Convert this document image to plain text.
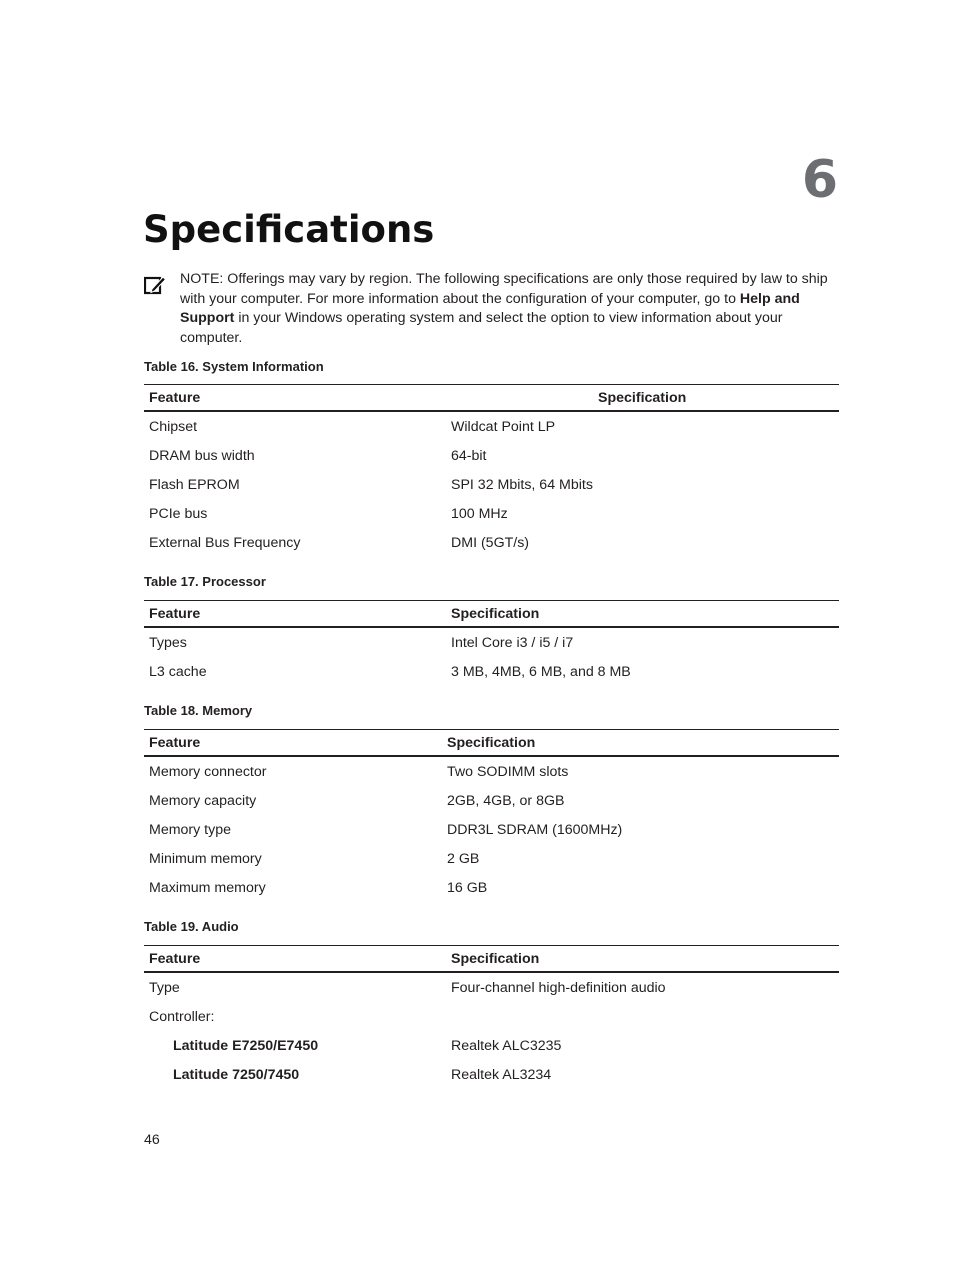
6
Specifications
NOTE: Offerings may vary by region. The following specifications are only those required by law to ship with your computer. For more information about the configuration of your computer, go to Help and Support in your Windows operating system and select the option to view information about your computer.
Table 16. System Information
Feature	Specification
Chipset	Wildcat Point LP
DRAM bus width	64-bit
Flash EPROM	SPI 32 Mbits, 64 Mbits
PCIe bus	100 MHz
External Bus Frequency	DMI (5GT/s)
Table 17. Processor
Feature	Specification
Types	Intel Core i3 / i5 / i7
L3 cache	3 MB, 4MB, 6 MB, and 8 MB
Table 18. Memory
Feature	Specification
Memory connector	Two SODIMM slots
Memory capacity	2GB, 4GB, or 8GB
Memory type	DDR3L SDRAM (1600MHz)
Minimum memory	2 GB
Maximum memory	16 GB
Table 19. Audio
Feature	Specification
Type	Four-channel high-definition audio
Controller:	
Latitude E7250/E7450	Realtek ALC3235
Latitude 7250/7450	Realtek AL3234
46
